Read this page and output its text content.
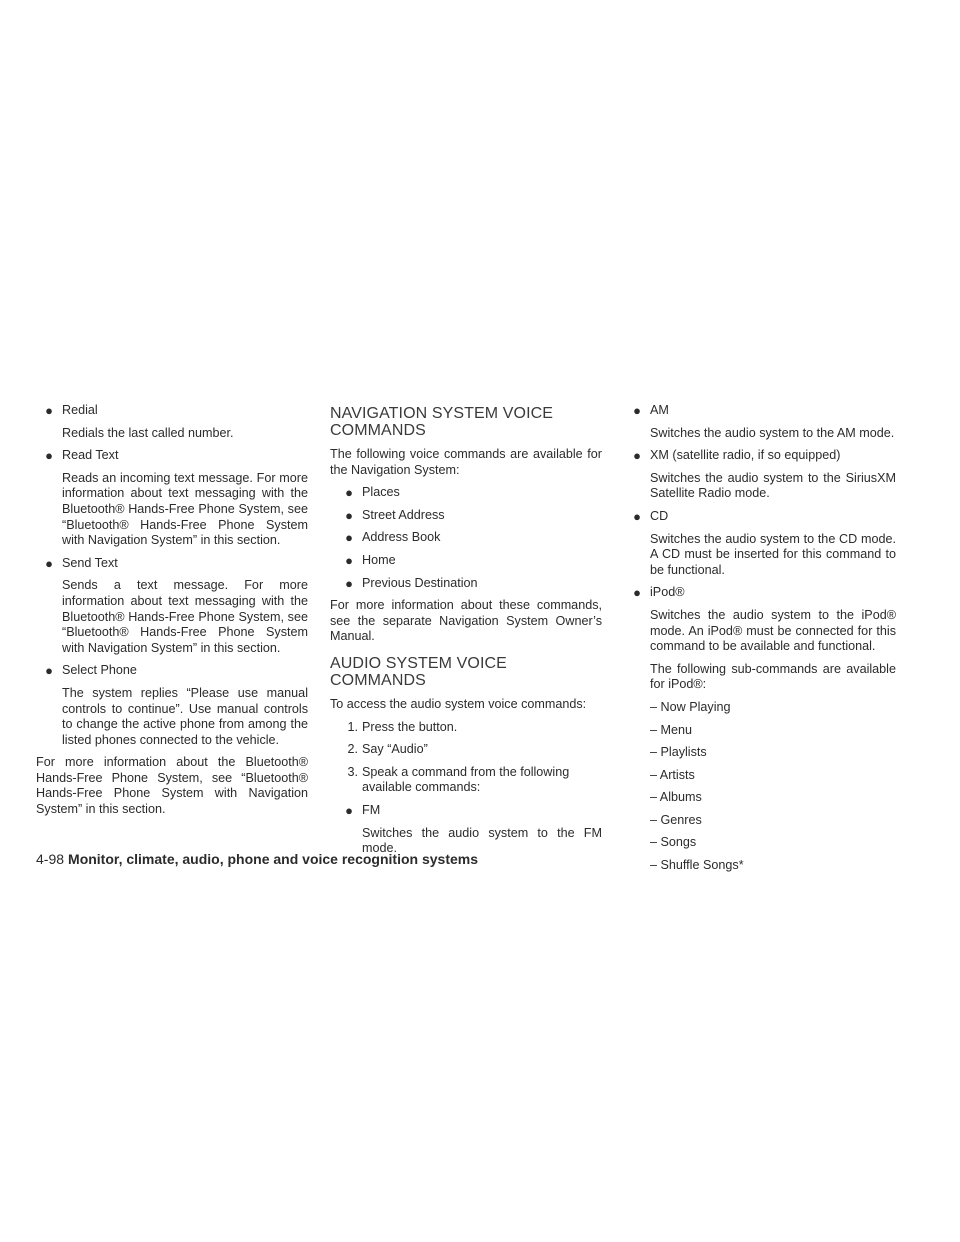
● Redial
Redials the last called number.
● Read Text
Reads an incoming text message. For more information about text messaging with the Bluetooth® Hands-Free Phone System, see “Bluetooth® Hands-Free Phone System with Navigation System” in this section.
● Send Text
Sends a text message. For more information about text messaging with the Bluetooth® Hands-Free Phone System, see “Bluetooth® Hands-Free Phone System with Navigation System” in this section.
● Select Phone
The system replies “Please use manual controls to continue”. Use manual controls to change the active phone from among the listed phones connected to the vehicle.

For more information about the Bluetooth® Hands-Free Phone System, see “Bluetooth® Hands-Free Phone System with Navigation System” in this section.

NAVIGATION SYSTEM VOICE COMMANDS

The following voice commands are available for the Navigation System:

● Places
● Street Address
● Address Book
● Home
● Previous Destination

For more information about these commands, see the separate Navigation System Owner’s Manual.

AUDIO SYSTEM VOICE COMMANDS

To access the audio system voice commands:

1. Press the button.
2. Say “Audio”
3. Speak a command from the following available commands:
● FM
Switches the audio system to the FM mode.
● AM
Switches the audio system to the AM mode.
● XM (satellite radio, if so equipped)
Switches the audio system to the SiriusXM Satellite Radio mode.
● CD
Switches the audio system to the CD mode. A CD must be inserted for this command to be functional.
● iPod®
Switches the audio system to the iPod® mode. An iPod® must be connected for this command to be available and functional.

The following sub-commands are available for iPod®:

– Now Playing
– Menu
– Playlists
– Artists
– Albums
– Genres
– Songs
– Shuffle Songs*
4-98 Monitor, climate, audio, phone and voice recognition systems
